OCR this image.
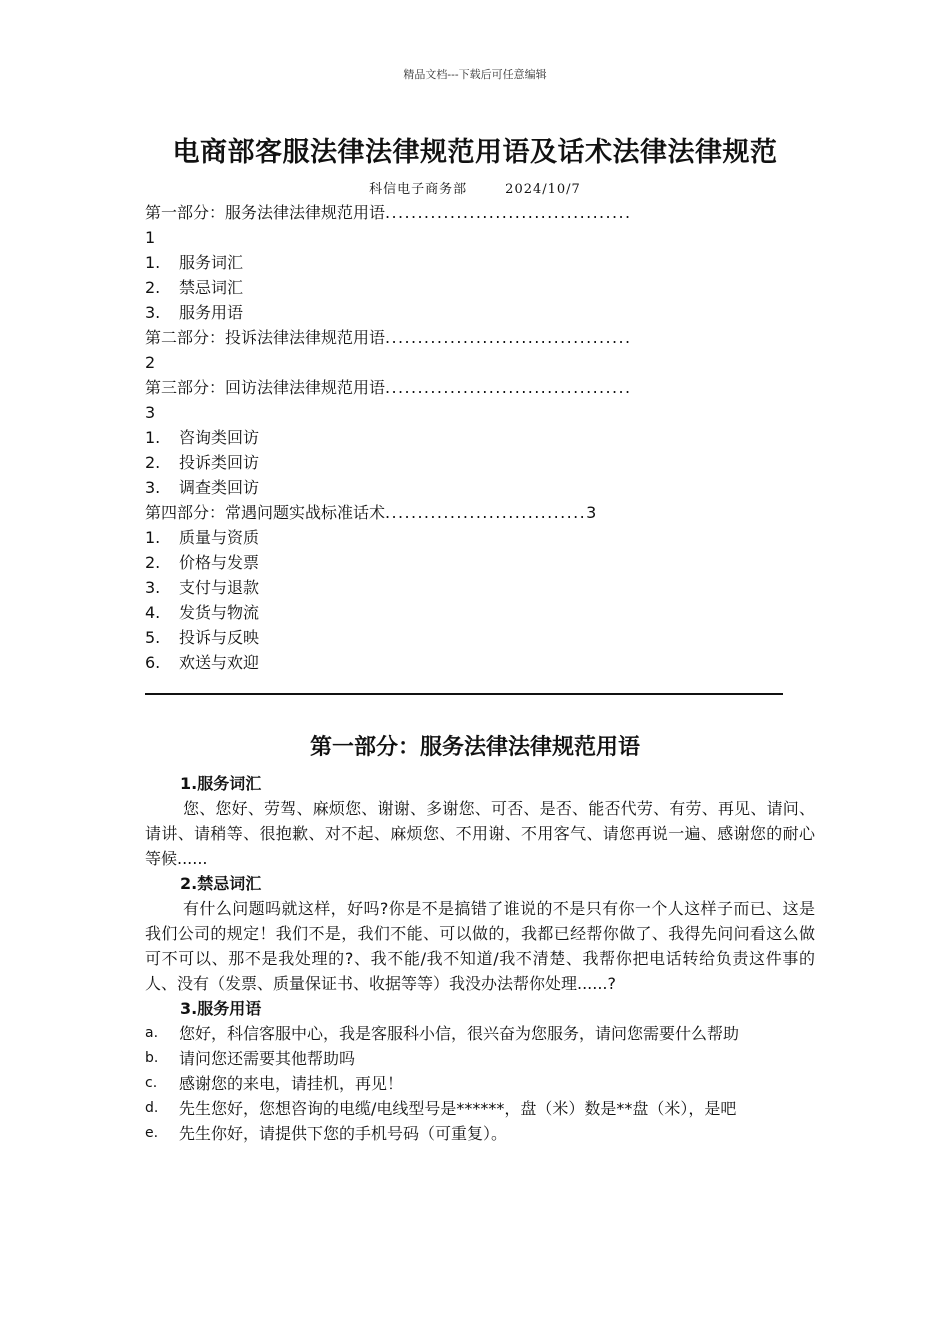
精品文档---下载后可任意编辑
电商部客服法律法律规范用语及话术法律法律规范
科信电子商务部	2024/10/7
第一部分：服务法律法律规范用语......................................
1
1. 服务词汇
2. 禁忌词汇
3. 服务用语
第二部分：投诉法律法律规范用语......................................
2
第三部分：回访法律法律规范用语......................................
3
1. 咨询类回访
2. 投诉类回访
3. 调查类回访
第四部分：常遇问题实战标准话术...............................3
1. 质量与资质
2. 价格与发票
3. 支付与退款
4. 发货与物流
5. 投诉与反映
6. 欢送与欢迎
第一部分：服务法律法律规范用语
1.服务词汇
您、您好、劳驾、麻烦您、谢谢、多谢您、可否、是否、能否代劳、有劳、再见、请问、请讲、请稍等、很抱歉、对不起、麻烦您、不用谢、不用客气、请您再说一遍、感谢您的耐心等候......
2.禁忌词汇
有什么问题吗就这样，好吗?你是不是搞错了谁说的不是只有你一个人这样子而已、这是我们公司的规定！我们不是，我们不能、可以做的，我都已经帮你做了、我得先问问看这么做可不可以、那不是我处理的?、我不能/我不知道/我不清楚、我帮你把电话转给负责这件事的人、没有（发票、质量保证书、收据等等）我没办法帮你处理......?
3.服务用语
a. 您好，科信客服中心，我是客服科小信，很兴奋为您服务，请问您需要什么帮助
b. 请问您还需要其他帮助吗
c. 感谢您的来电，请挂机，再见！
d. 先生您好，您想咨询的电缆/电线型号是******，盘（米）数是**盘（米），是吧
e. 先生你好，请提供下您的手机号码（可重复）。
